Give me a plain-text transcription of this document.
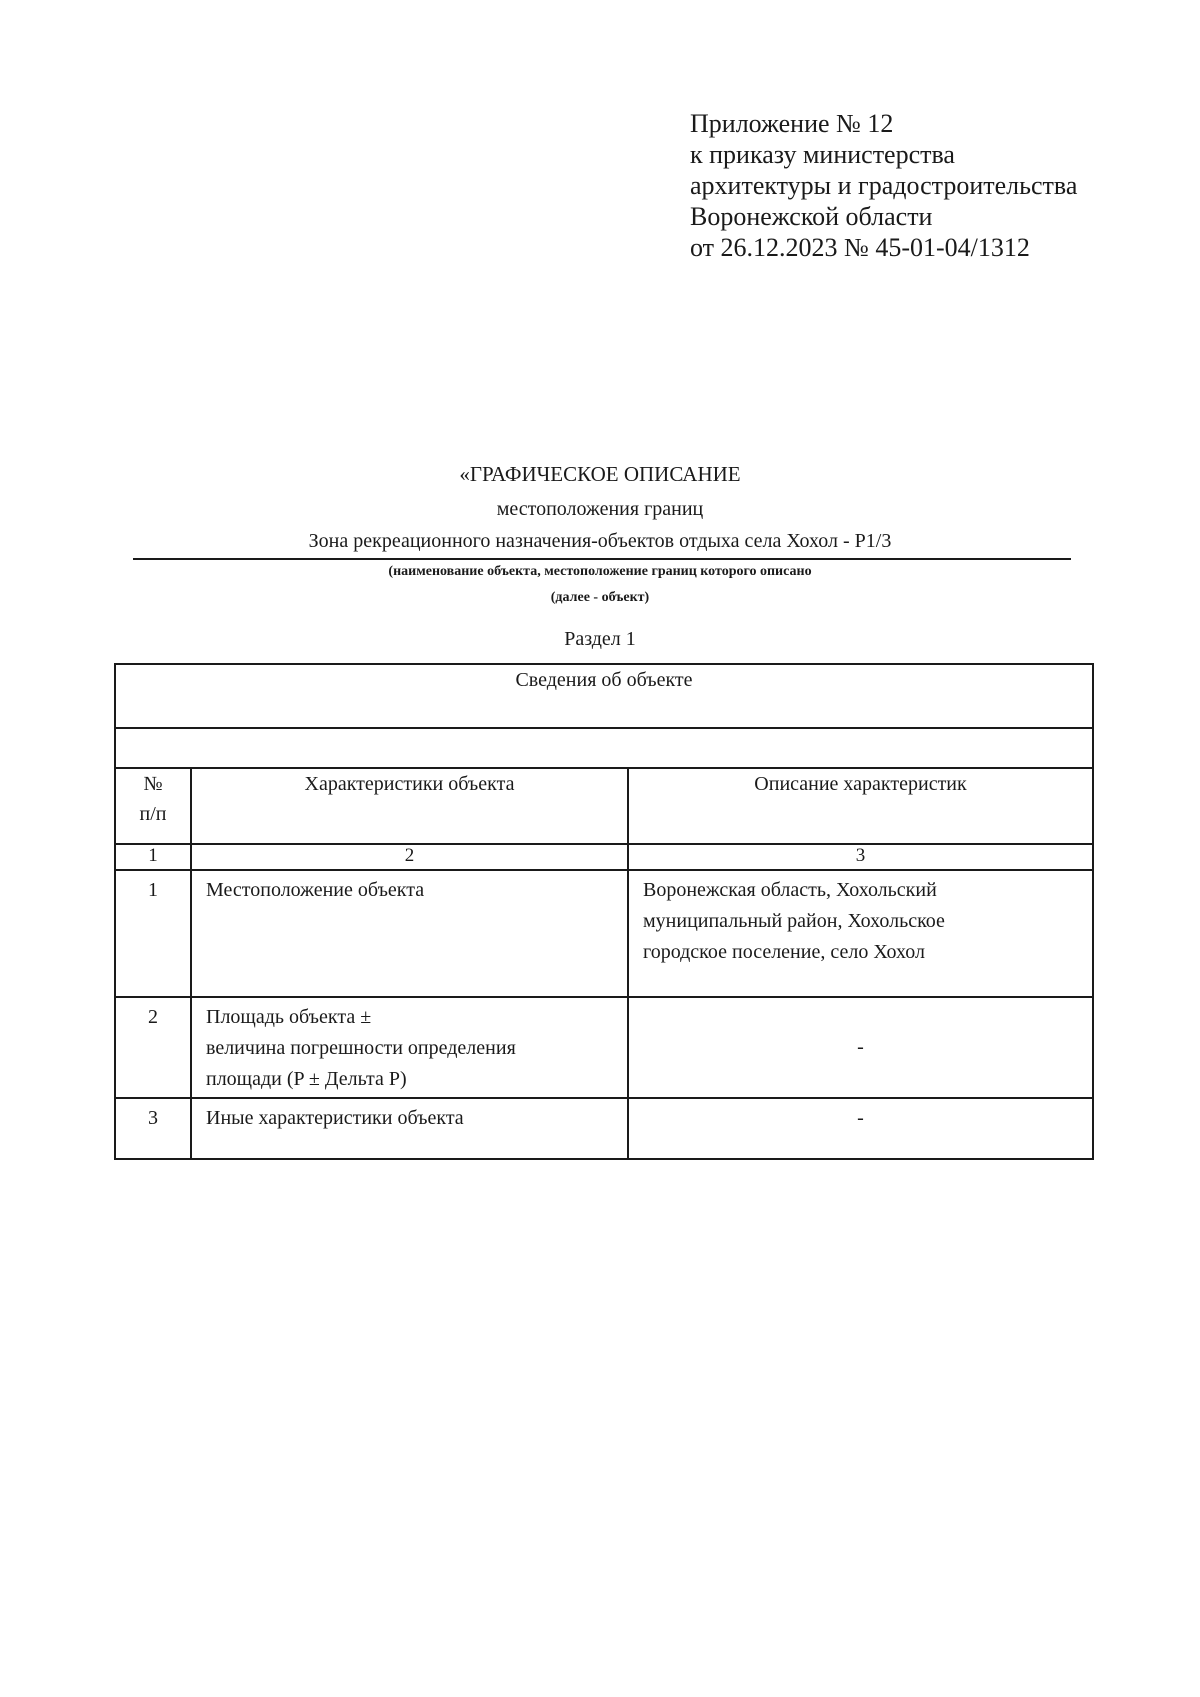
Приложение № 12
к приказу министерства
архитектуры и градостроительства
Воронежской области
от 26.12.2023 № 45-01-04/1312
«ГРАФИЧЕСКОЕ ОПИСАНИЕ
местоположения границ
Зона рекреационного назначения-объектов отдыха села Хохол - Р1/3
(наименование объекта, местоположение границ которого описано
(далее - объект)
Раздел 1
Сведения об объекте		

№
п/п	Характеристики объекта	Описание характеристик
1	2	3
1	Местоположение объекта	Воронежская область, Хохольский
муниципальный район, Хохольское
городское поселение, село Хохол

2	Площадь объекта ±
величина погрешности определения
площади (P ± Дельта P)	-
3	Иные характеристики объекта	-
